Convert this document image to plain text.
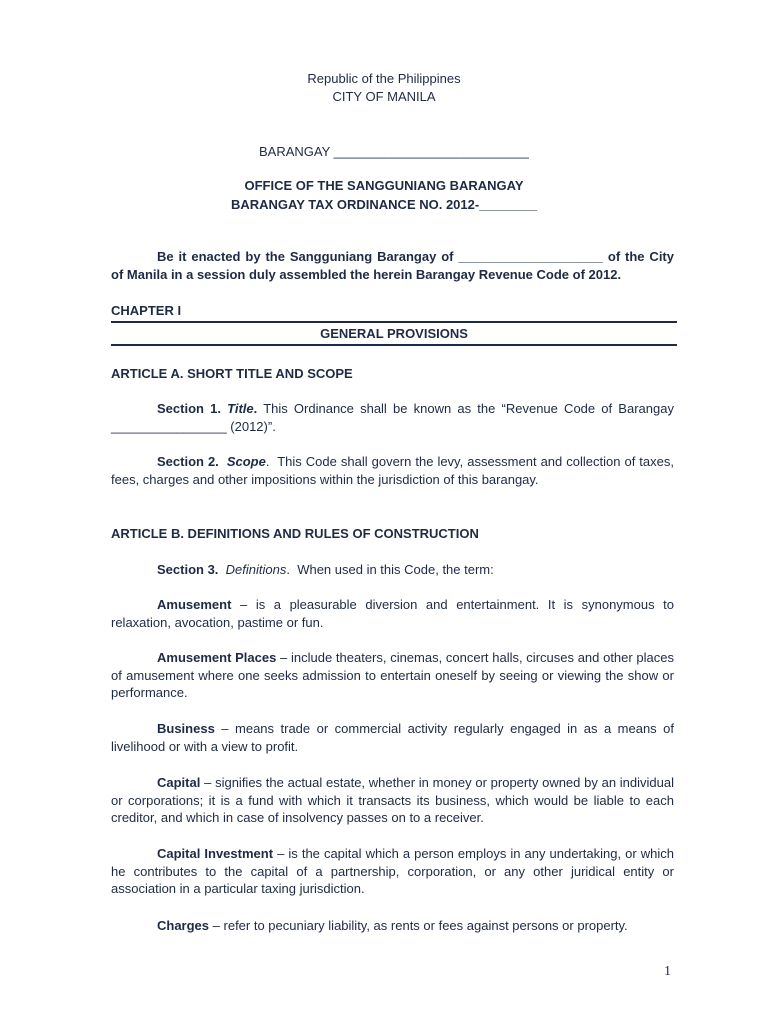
Republic of the Philippines
CITY OF MANILA
BARANGAY ___________________________
OFFICE OF THE SANGGUNIANG BARANGAY
BARANGAY TAX ORDINANCE NO. 2012-________
Be it enacted by the Sangguniang Barangay of ____________________ of the City of Manila in a session duly assembled the herein Barangay Revenue Code of 2012.
CHAPTER I
GENERAL PROVISIONS
ARTICLE A. SHORT TITLE AND SCOPE
Section 1. Title. This Ordinance shall be known as the “Revenue Code of Barangay ________________ (2012)”.
Section 2. Scope.  This Code shall govern the levy, assessment and collection of taxes, fees, charges and other impositions within the jurisdiction of this barangay.
ARTICLE B. DEFINITIONS AND RULES OF CONSTRUCTION
Section 3. Definitions.  When used in this Code, the term:
Amusement – is a pleasurable diversion and entertainment. It is synonymous to relaxation, avocation, pastime or fun.
Amusement Places – include theaters, cinemas, concert halls, circuses and other places of amusement where one seeks admission to entertain oneself by seeing or viewing the show or performance.
Business – means trade or commercial activity regularly engaged in as a means of livelihood or with a view to profit.
Capital – signifies the actual estate, whether in money or property owned by an individual or corporations; it is a fund with which it transacts its business, which would be liable to each creditor, and which in case of insolvency passes on to a receiver.
Capital Investment – is the capital which a person employs in any undertaking, or which he contributes to the capital of a partnership, corporation, or any other juridical entity or association in a particular taxing jurisdiction.
Charges – refer to pecuniary liability, as rents or fees against persons or property.
1
